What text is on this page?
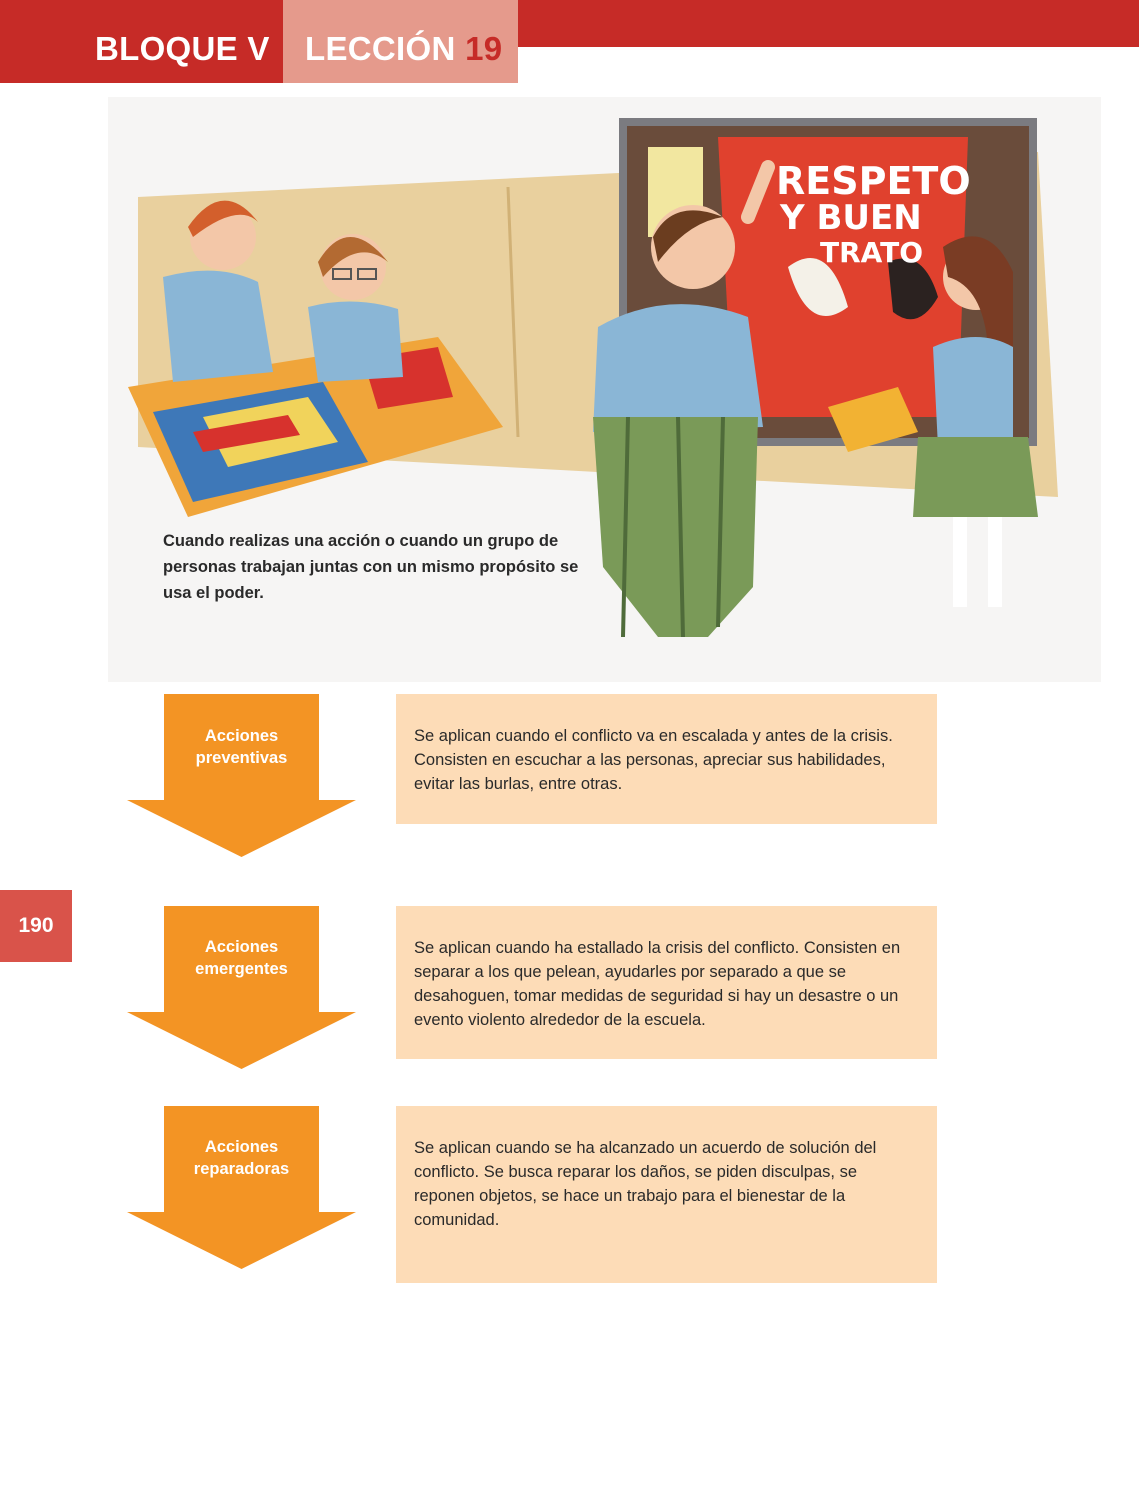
BLOQUE V LECCIÓN 19
RESPETO
Y BUEN
TRATO
Cuando realizas una acción o cuando un grupo de personas trabajan juntas con un mismo propósito se usa el poder.
190
Acciones
preventivas
Se aplican cuando el conflicto va en escalada y antes de la crisis. Consisten en escuchar a las personas, apreciar sus habilidades, evitar las burlas, entre otras.
Acciones
emergentes
Se aplican cuando ha estallado la crisis del conflicto. Consisten en separar a los que pelean, ayudarles por separado a que se desahoguen, tomar medidas de seguridad si hay un desastre o un evento violento alrededor de la escuela.
Acciones
reparadoras
Se aplican cuando se ha alcanzado un acuerdo de solución del conflicto. Se busca reparar los daños, se piden disculpas, se reponen objetos, se hace un trabajo para el bienestar de la comunidad.
